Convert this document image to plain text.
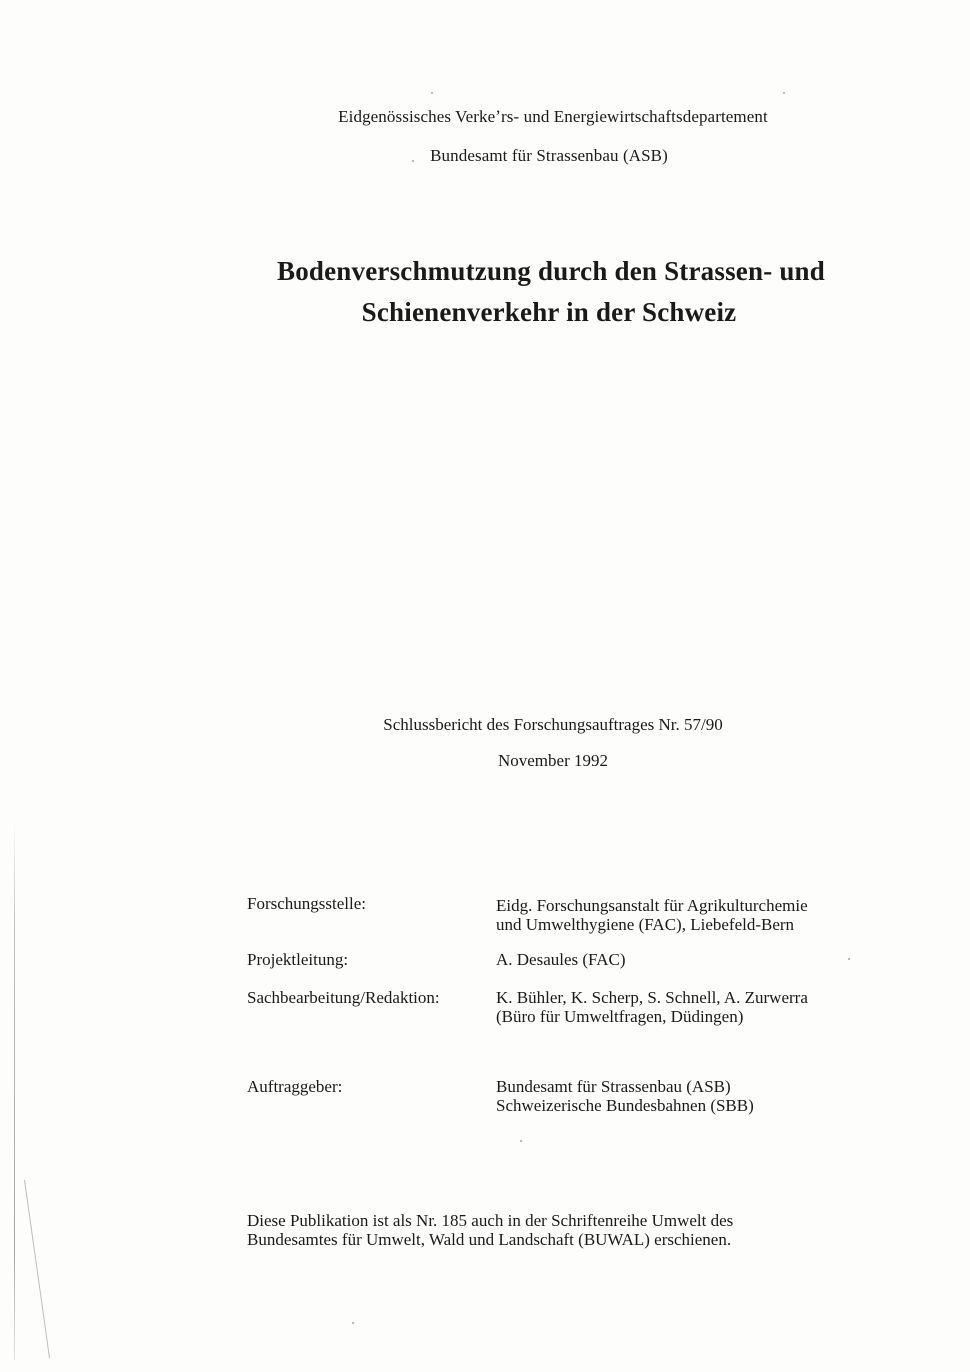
Eidgenössisches Verkeʼrs- und Energiewirtschaftsdepartement
Bundesamt für Strassenbau (ASB)
Bodenverschmutzung durch den Strassen- und
Schienenverkehr in der Schweiz
Schlussbericht des Forschungsauftrages Nr. 57/90
November 1992
Forschungsstelle:	Eidg. Forschungsanstalt für Agrikulturchemie
und Umwelthygiene (FAC), Liebefeld-Bern
Projektleitung:	A. Desaules (FAC)
Sachbearbeitung/Redaktion:	K. Bühler, K. Scherp, S. Schnell, A. Zurwerra
(Büro für Umweltfragen, Düdingen)
Auftraggeber:	Bundesamt für Strassenbau (ASB)
Schweizerische Bundesbahnen (SBB)
Diese Publikation ist als Nr. 185 auch in der Schriftenreihe Umwelt des
Bundesamtes für Umwelt, Wald und Landschaft (BUWAL) erschienen.
